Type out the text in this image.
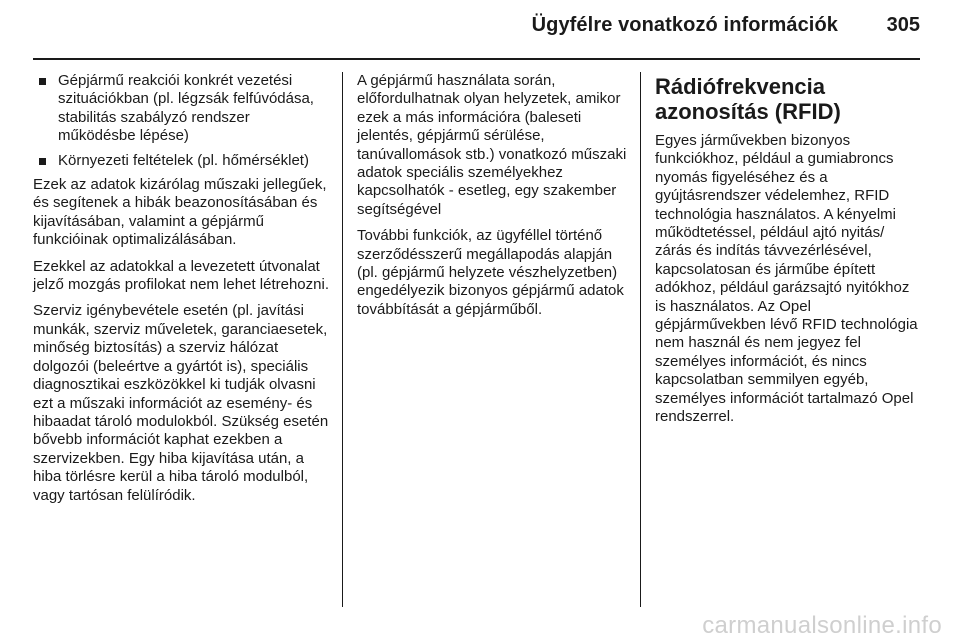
Ügyfélre vonatkozó információk 305
Gépjármű reakciói konkrét vezetési szituációkban (pl. légzsák felfúvódása, stabilitás szabályzó rendszer működésbe lépése)
Környezeti feltételek (pl. hőmérséklet)

Ezek az adatok kizárólag műszaki jellegűek, és segítenek a hibák beazonosításában és kijavításában, valamint a gépjármű funkcióinak optimalizálásában.

Ezekkel az adatokkal a levezetett útvonalat jelző mozgás profilokat nem lehet létrehozni.

Szerviz igénybevétele esetén (pl. javítási munkák, szerviz műveletek, garanciaesetek, minőség biztosítás) a szerviz hálózat dolgozói (beleértve a gyártót is), speciális diagnosztikai eszközökkel ki tudják olvasni ezt a műszaki információt az esemény- és hibaadat tároló modulokból. Szükség esetén bővebb információt kaphat ezekben a szervizekben. Egy hiba kijavítása után, a hiba törlésre kerül a hiba tároló modulból, vagy tartósan felülíródik.

A gépjármű használata során, előfordulhatnak olyan helyzetek, amikor ezek a más információra (baleseti jelentés, gépjármű sérülése, tanúvallomások stb.) vonatkozó műszaki adatok speciális személyekhez kapcsolhatók - esetleg, egy szakember segítségével

További funkciók, az ügyféllel történő szerződésszerű megállapodás alapján (pl. gépjármű helyzete vészhelyzetben) engedélyezik bizonyos gépjármű adatok továbbítását a gépjárműből.

Rádiófrekvencia azonosítás (RFID)

Egyes járművekben bizonyos funkciókhoz, például a gumiabroncs nyomás figyeléséhez és a gyújtásrendszer védelemhez, RFID technológia használatos. A kényelmi működtetéssel, például ajtó nyitás/ zárás és indítás távvezérlésével, kapcsolatosan és járműbe épített adókhoz, például garázsajtó nyitókhoz is használatos. Az Opel gépjárművekben lévő RFID technológia nem használ és nem jegyez fel személyes információt, és nincs kapcsolatban semmilyen egyéb, személyes információt tartalmazó Opel rendszerrel.

carmanualsonline.info
